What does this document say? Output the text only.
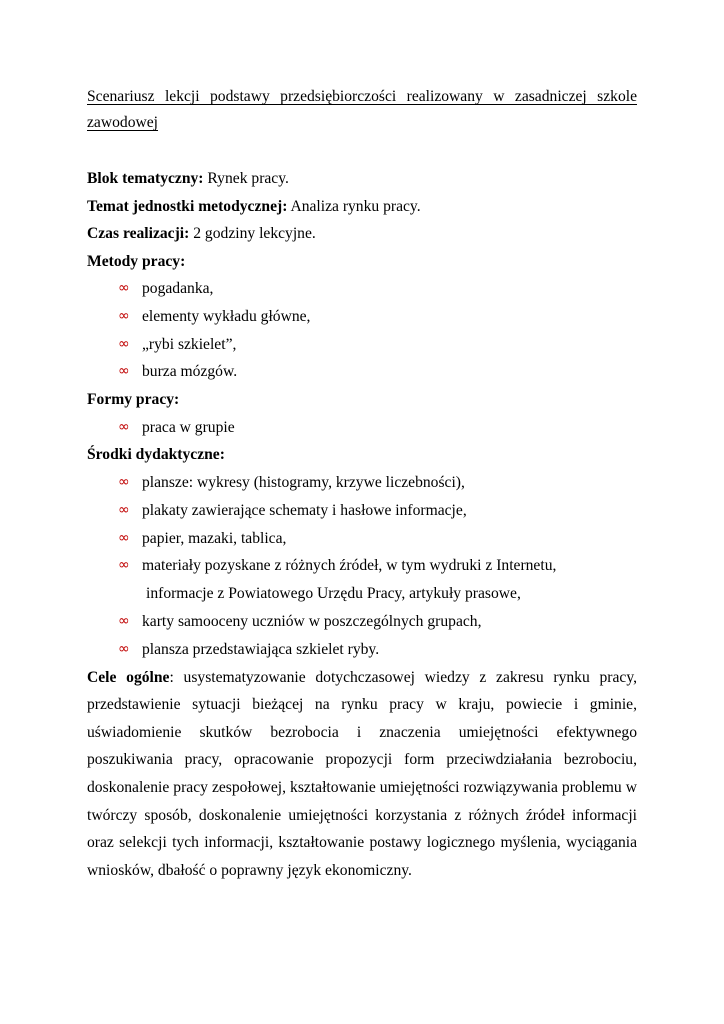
Scenariusz lekcji podstawy przedsiębiorczości realizowany w zasadniczej szkole zawodowej

Blok tematyczny: Rynek pracy.

Temat jednostki metodycznej: Analiza rynku pracy.

Czas realizacji: 2 godziny lekcyjne.

Metody pracy:

∞ pogadanka,
∞ elementy wykładu główne,
∞ „rybi szkielet”,
∞ burza mózgów.

Formy pracy:

∞ praca w grupie

Środki dydaktyczne:

∞ plansze: wykresy (histogramy, krzywe liczebności),
∞ plakaty zawierające schematy i hasłowe informacje,
∞ papier, mazaki, tablica,
∞ materiały pozyskane z różnych źródeł, w tym wydruki z Internetu,
informacje z Powiatowego Urzędu Pracy, artykuły prasowe,
∞ karty samooceny uczniów w poszczególnych grupach,
∞ plansza przedstawiająca szkielet ryby.

Cele ogólne: usystematyzowanie dotychczasowej wiedzy z zakresu rynku pracy, przedstawienie sytuacji bieżącej na rynku pracy w kraju, powiecie i gminie, uświadomienie skutków bezrobocia i znaczenia umiejętności efektywnego poszukiwania pracy, opracowanie propozycji form przeciwdziałania bezrobociu, doskonalenie pracy zespołowej, kształtowanie umiejętności rozwiązywania problemu w twórczy sposób, doskonalenie umiejętności korzystania z różnych źródeł informacji oraz selekcji tych informacji, kształtowanie postawy logicznego myślenia, wyciągania wniosków, dbałość o poprawny język ekonomiczny.
